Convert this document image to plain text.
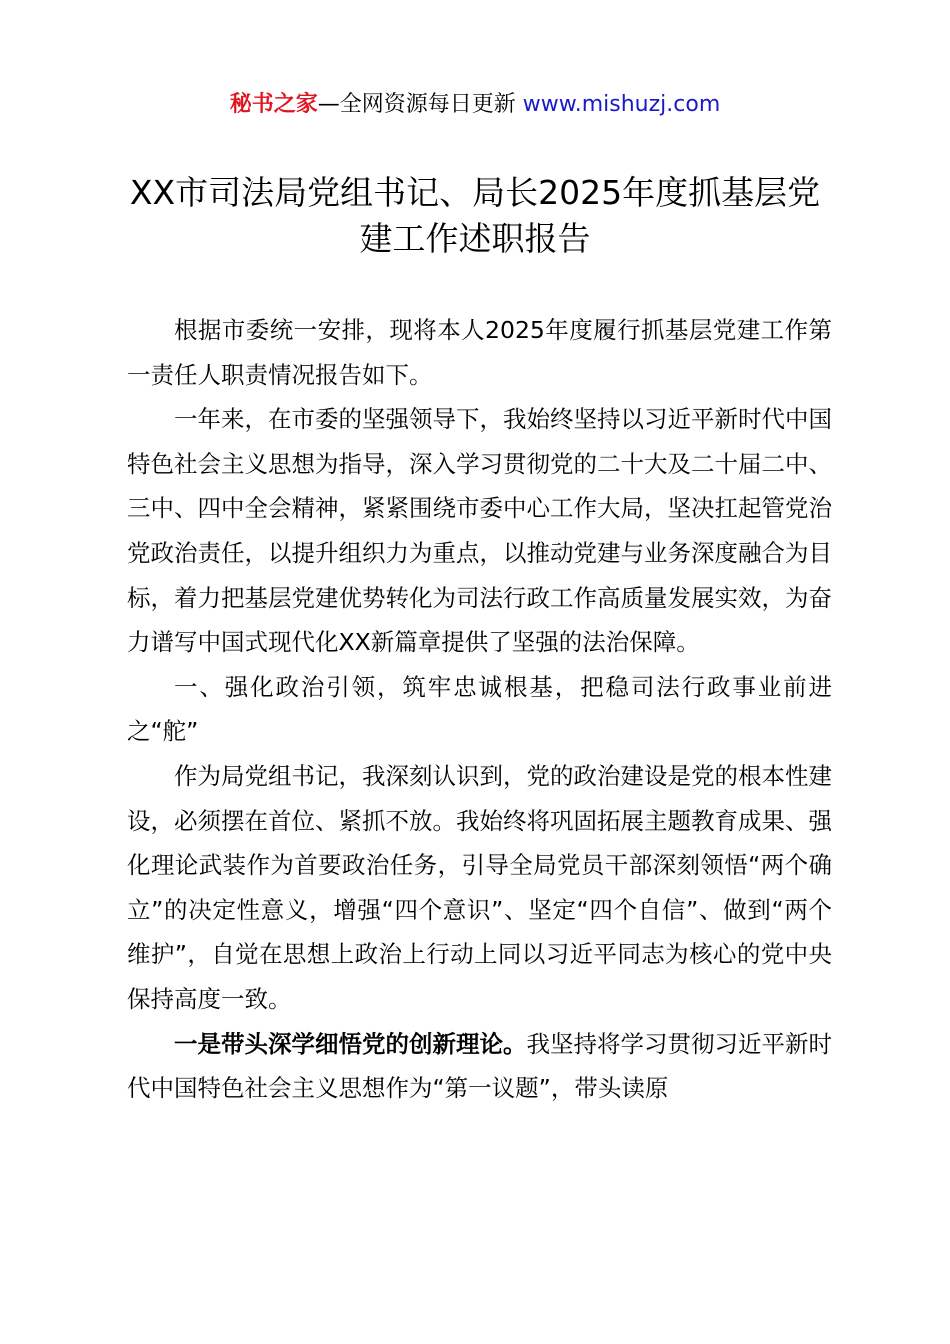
秘书之家—全网资源每日更新 www.mishuzj.com
XX市司法局党组书记、局长2025年度抓基层党建工作述职报告

根据市委统一安排，现将本人2025年度履行抓基层党建工作第一责任人职责情况报告如下。

一年来，在市委的坚强领导下，我始终坚持以习近平新时代中国特色社会主义思想为指导，深入学习贯彻党的二十大及二十届二中、三中、四中全会精神，紧紧围绕市委中心工作大局，坚决扛起管党治党政治责任，以提升组织力为重点，以推动党建与业务深度融合为目标，着力把基层党建优势转化为司法行政工作高质量发展实效，为奋力谱写中国式现代化XX新篇章提供了坚强的法治保障。

一、强化政治引领，筑牢忠诚根基，把稳司法行政事业前进之“舵”

作为局党组书记，我深刻认识到，党的政治建设是党的根本性建设，必须摆在首位、紧抓不放。我始终将巩固拓展主题教育成果、强化理论武装作为首要政治任务，引导全局党员干部深刻领悟“两个确立”的决定性意义，增强“四个意识”、坚定“四个自信”、做到“两个维护”，自觉在思想上政治上行动上同以习近平同志为核心的党中央保持高度一致。

一是带头深学细悟党的创新理论。我坚持将学习贯彻习近平新时代中国特色社会主义思想作为“第一议题”，带头读原
